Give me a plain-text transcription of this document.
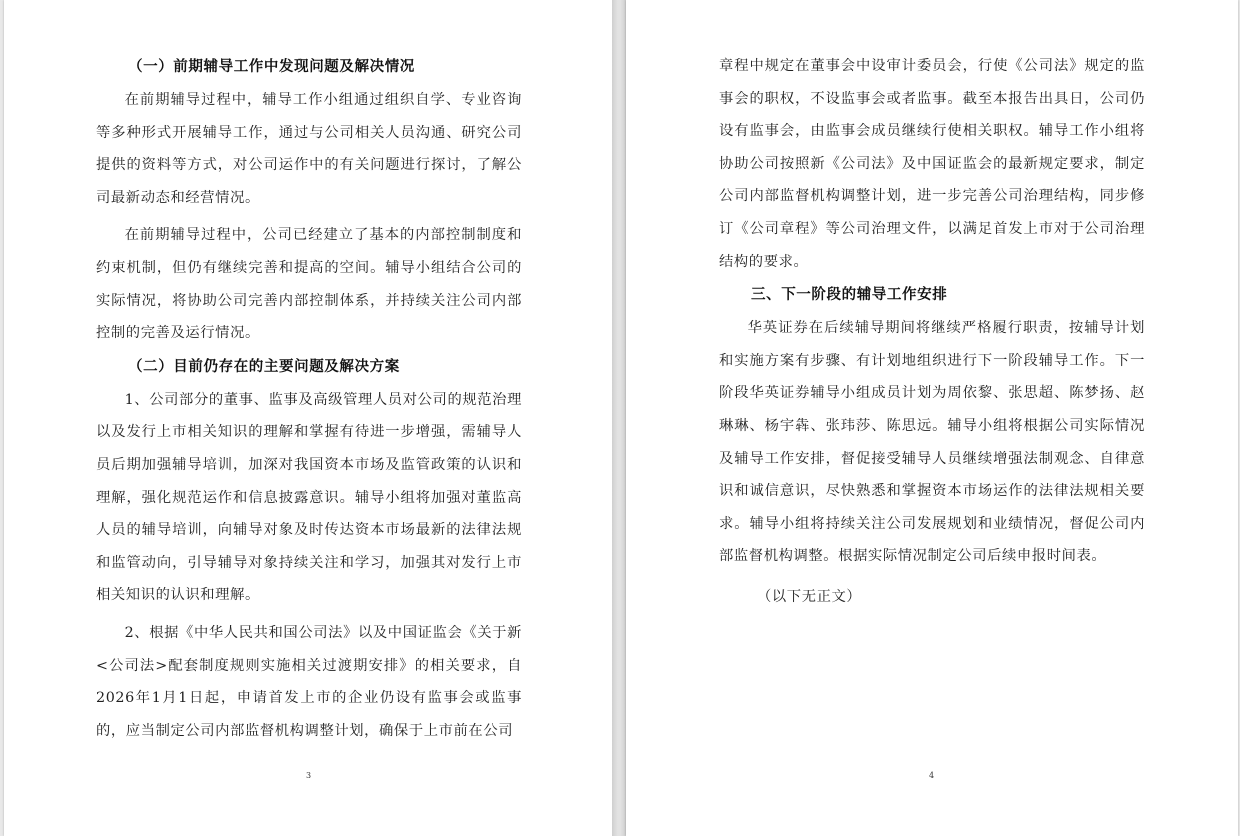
（一）前期辅导工作中发现问题及解决情况

在前期辅导过程中，辅导工作小组通过组织自学、专业咨询等多种形式开展辅导工作，通过与公司相关人员沟通、研究公司提供的资料等方式，对公司运作中的有关问题进行探讨，了解公司最新动态和经营情况。

在前期辅导过程中，公司已经建立了基本的内部控制制度和约束机制，但仍有继续完善和提高的空间。辅导小组结合公司的实际情况，将协助公司完善内部控制体系，并持续关注公司内部控制的完善及运行情况。

（二）目前仍存在的主要问题及解决方案

1、公司部分的董事、监事及高级管理人员对公司的规范治理以及发行上市相关知识的理解和掌握有待进一步增强，需辅导人员后期加强辅导培训，加深对我国资本市场及监管政策的认识和理解，强化规范运作和信息披露意识。辅导小组将加强对董监高人员的辅导培训，向辅导对象及时传达资本市场最新的法律法规和监管动向，引导辅导对象持续关注和学习，加强其对发行上市相关知识的认识和理解。

2、根据《中华人民共和国公司法》以及中国证监会《关于新<公司法>配套制度规则实施相关过渡期安排》的相关要求，自2026年1月1日起，申请首发上市的企业仍设有监事会或监事的，应当制定公司内部监督机构调整计划，确保于上市前在公司

3

章程中规定在董事会中设审计委员会，行使《公司法》规定的监事会的职权，不设监事会或者监事。截至本报告出具日，公司仍设有监事会，由监事会成员继续行使相关职权。辅导工作小组将协助公司按照新《公司法》及中国证监会的最新规定要求，制定公司内部监督机构调整计划，进一步完善公司治理结构，同步修订《公司章程》等公司治理文件，以满足首发上市对于公司治理结构的要求。

三、下一阶段的辅导工作安排

华英证券在后续辅导期间将继续严格履行职责，按辅导计划和实施方案有步骤、有计划地组织进行下一阶段辅导工作。下一阶段华英证券辅导小组成员计划为周依黎、张思超、陈梦扬、赵琳琳、杨宇犇、张玮莎、陈思远。辅导小组将根据公司实际情况及辅导工作安排，督促接受辅导人员继续增强法制观念、自律意识和诚信意识，尽快熟悉和掌握资本市场运作的法律法规相关要求。辅导小组将持续关注公司发展规划和业绩情况，督促公司内部监督机构调整。根据实际情况制定公司后续申报时间表。

（以下无正文）

4
